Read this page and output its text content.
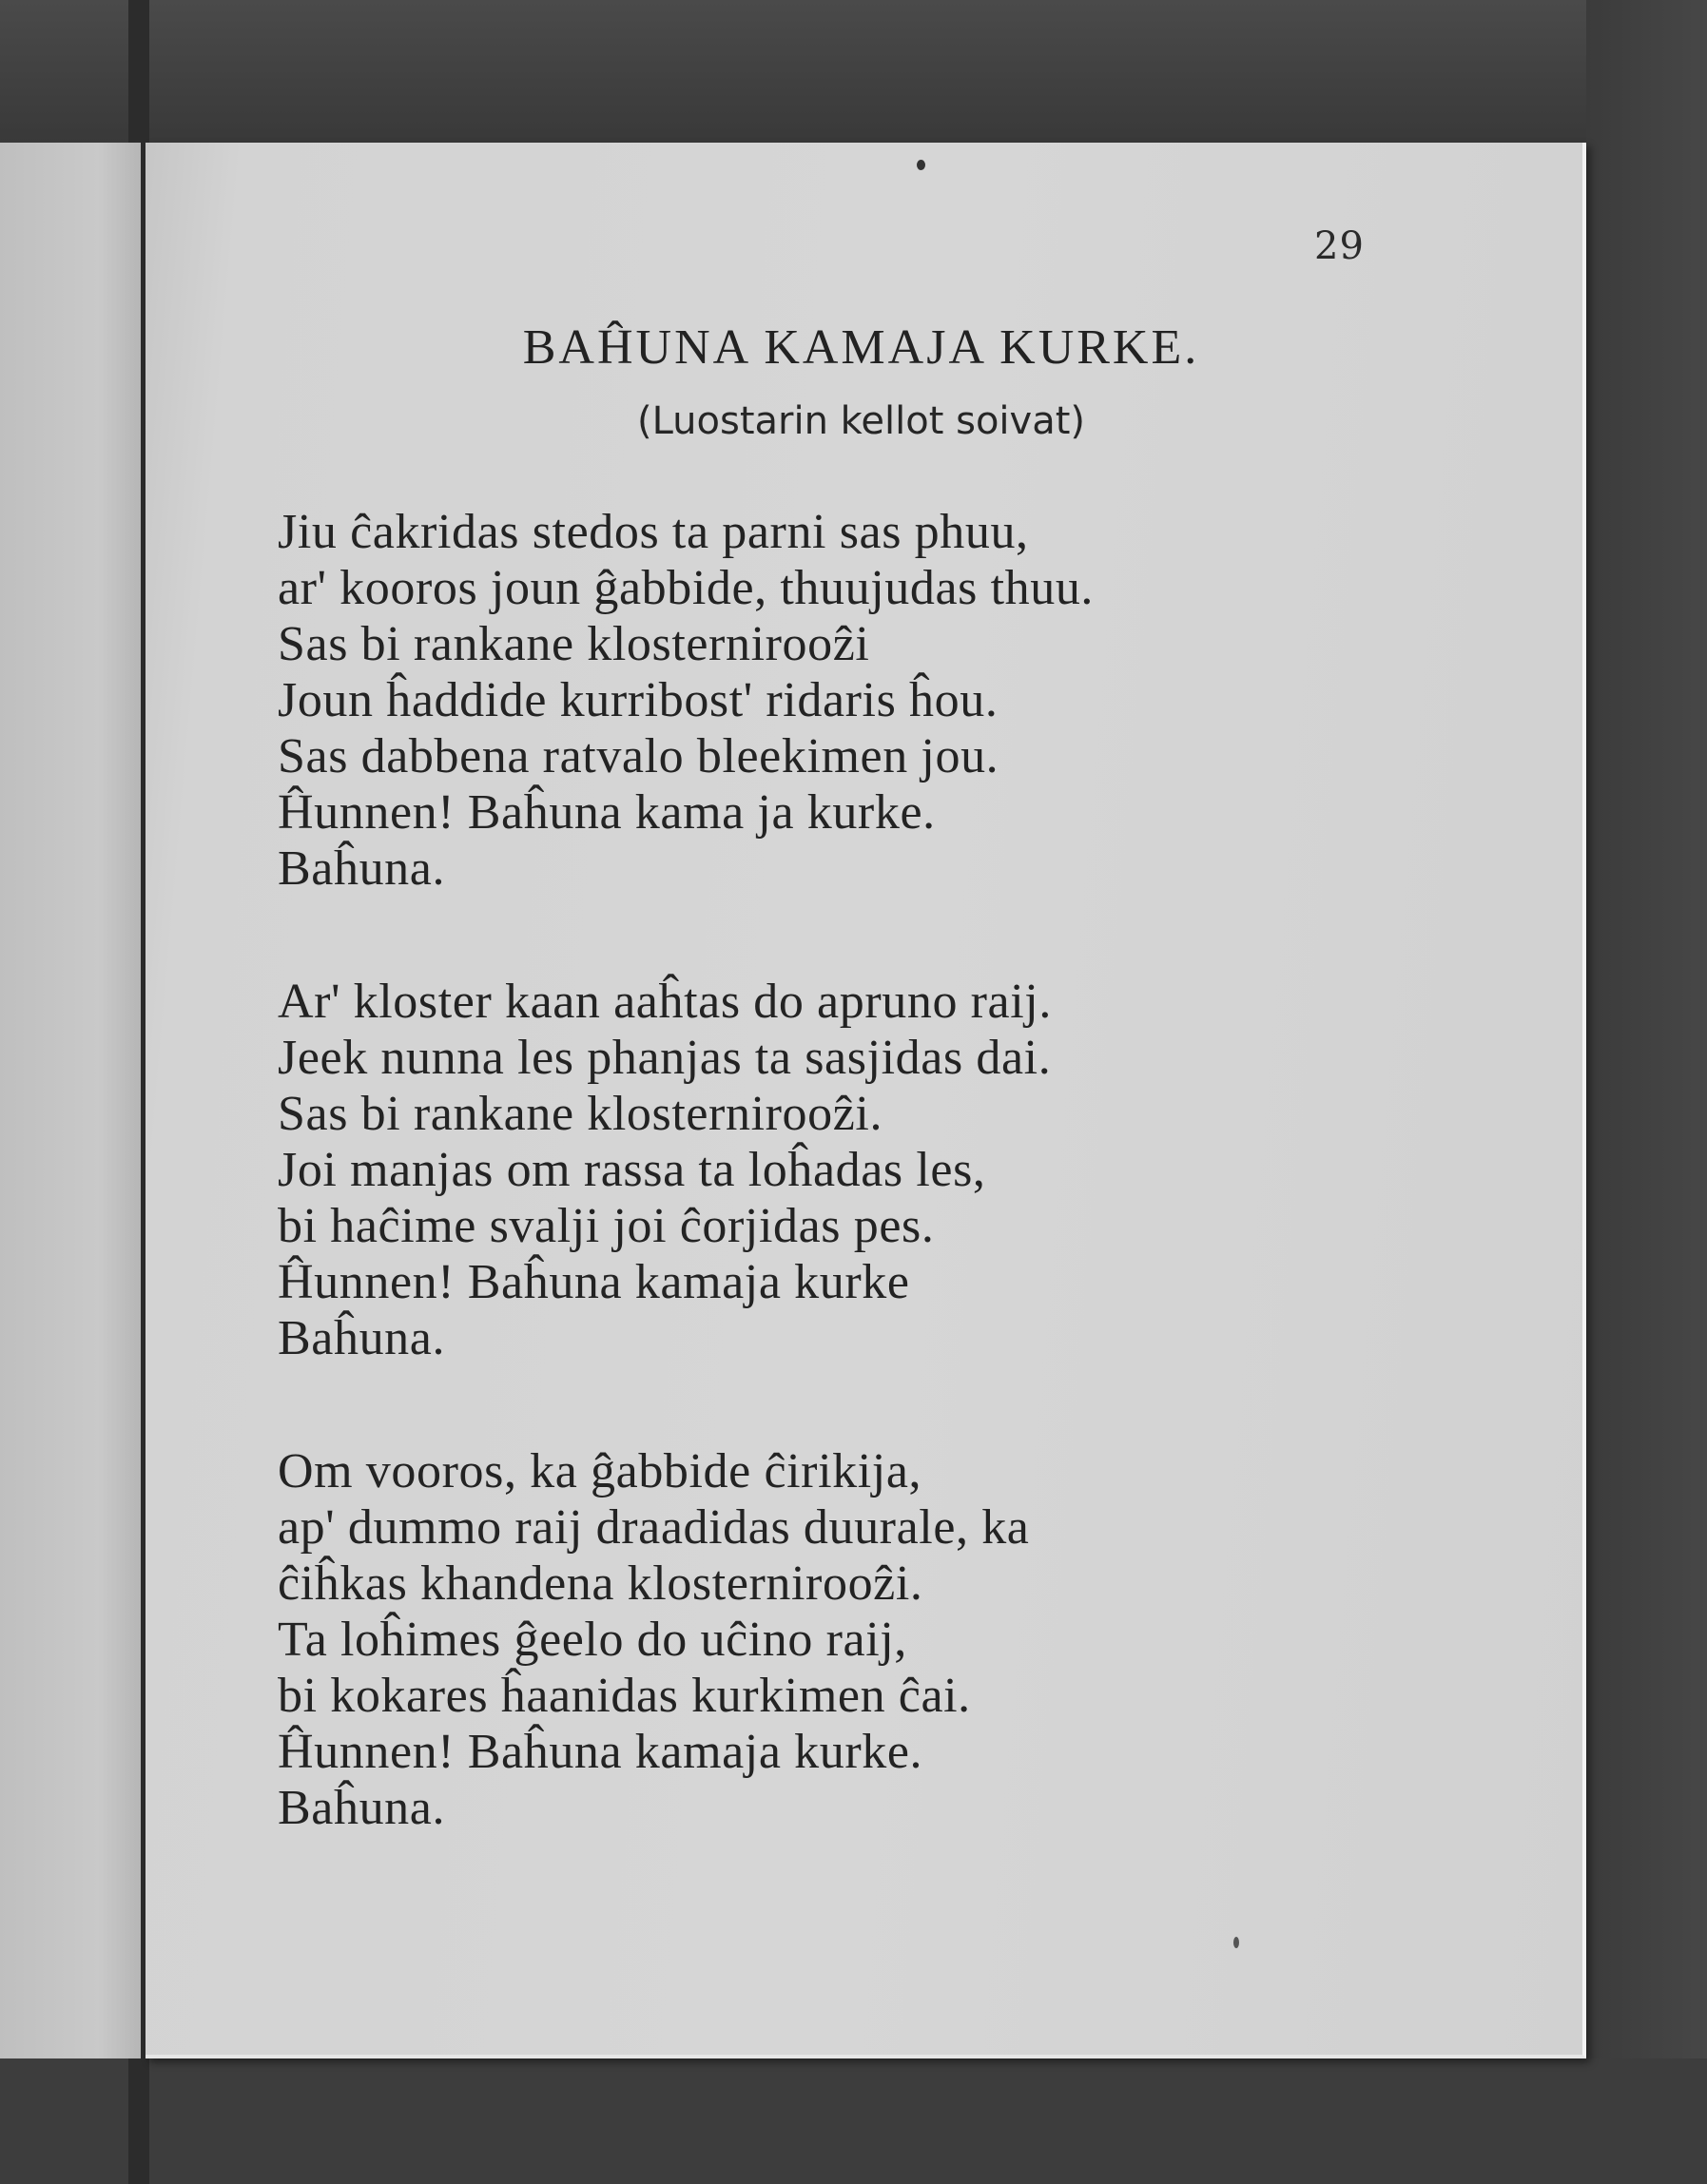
29
BAĤUNA KAMAJA KURKE.
(Luostarin kellot soivat)
Jiu ĉakridas stedos ta parni sas phuu,
ar' kooros joun ĝabbide, thuujudas thuu.
Sas bi rankane klosternirooẑi
Joun ĥaddide kurribost' ridaris ĥou.
Sas dabbena ratvalo bleekimen jou.
Ĥunnen! Baĥuna kama ja kurke.
Baĥuna.
Ar' kloster kaan aaĥtas do apruno raij.
Jeek nunna les phanjas ta sasjidas dai.
Sas bi rankane klosternirooẑi.
Joi manjas om rassa ta loĥadas les,
bi haĉime svalji joi ĉorjidas pes.
Ĥunnen! Baĥuna kamaja kurke
Baĥuna.
Om vooros, ka ĝabbide ĉirikija,
ap' dummo raij draadidas duurale, ka
ĉiĥkas khandena klosternirooẑi.
Ta loĥimes ĝeelo do uĉino raij,
bi kokares ĥaanidas kurkimen ĉai.
Ĥunnen! Baĥuna kamaja kurke.
Baĥuna.
